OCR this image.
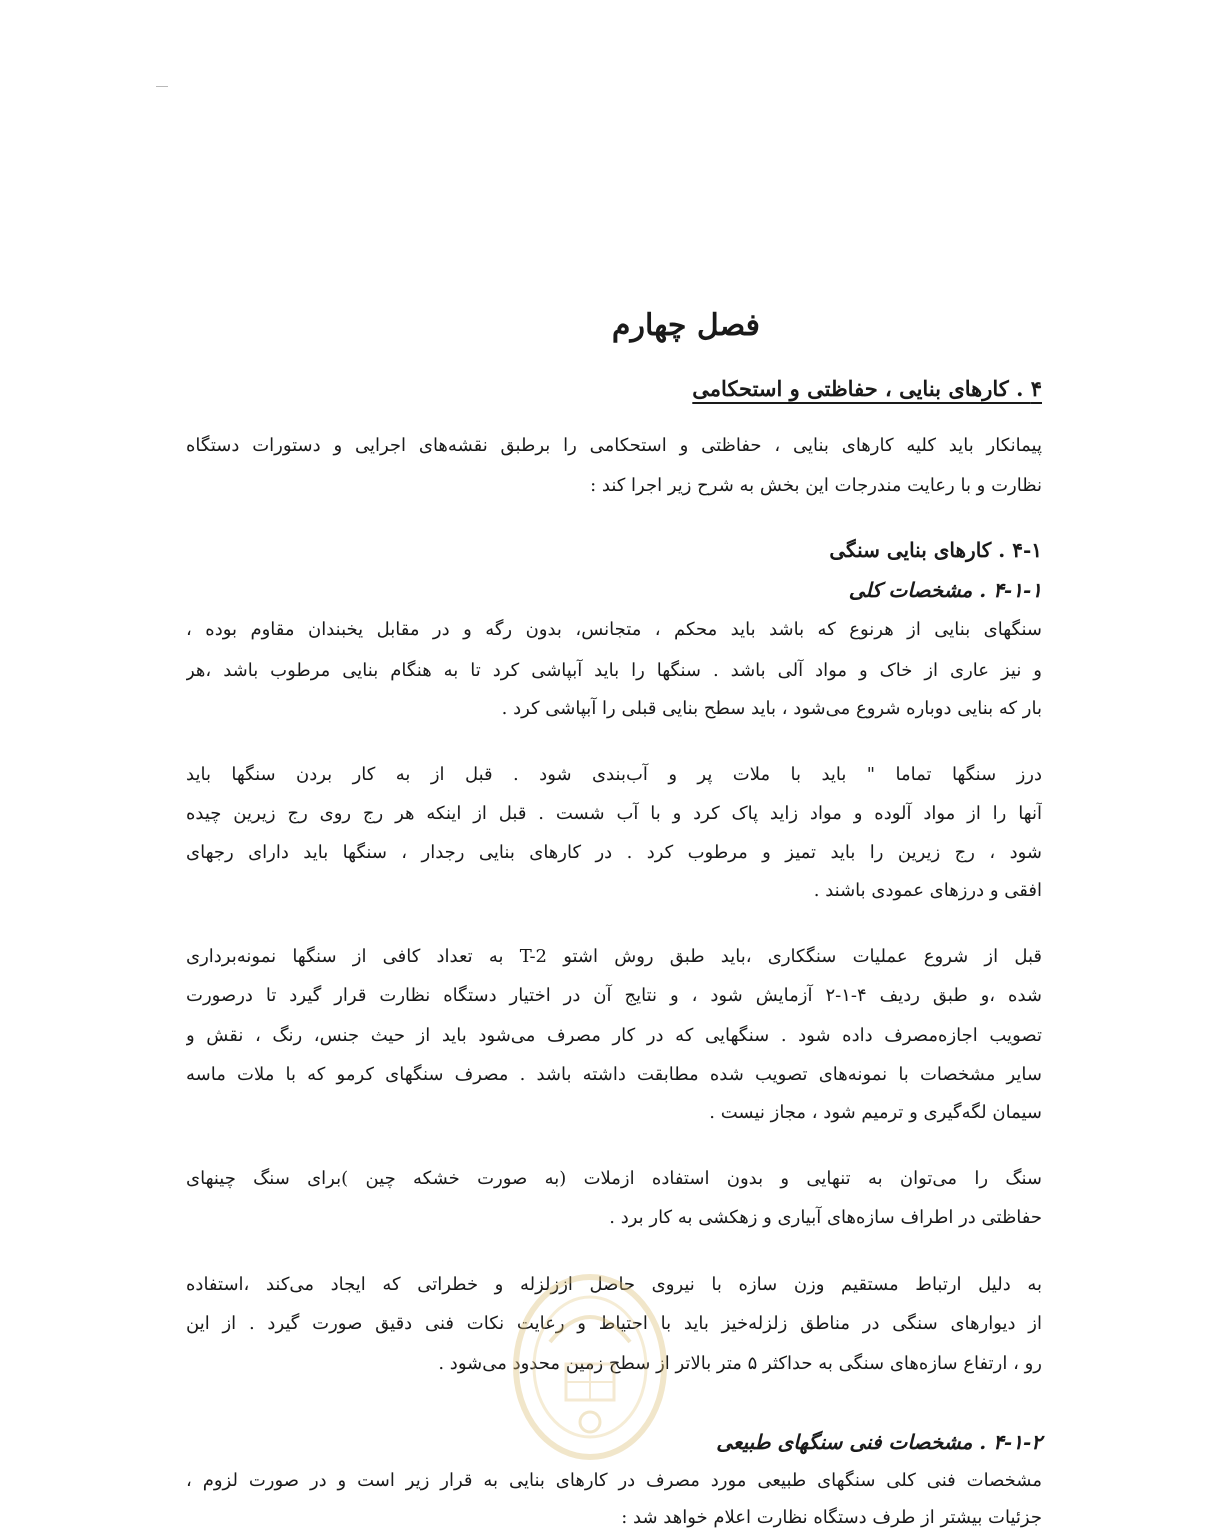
فصل چهارم
۴ . کارهای بنایی ، حفاظتی و استحکامی
پیمانکار باید کلیه کارهای بنایی ، حفاظتی و استحکامی را برطبق نقشه‌های اجرایی و دستورات دستگاه
نظارت و با رعایت مندرجات این بخش به شرح زیر اجرا کند :
۴-۱ . کارهای بنایی سنگی
۴-۱-۱ . مشخصات کلی
سنگهای بنایی از هرنوع که باشد باید محکم ، متجانس، بدون رگه و در مقابل یخبندان مقاوم بوده ،
و نیز عاری از خاک و مواد آلی باشد . سنگها را باید آبپاشی کرد تا به هنگام بنایی مرطوب باشد ،هر
بار که بنایی دوباره شروع می‌شود ، باید سطح بنایی قبلی را آبپاشی کرد .
درز سنگها تماما " باید با ملات پر و آب‌بندی شود . قبل از به کار بردن سنگها باید
آنها را از مواد آلوده و مواد زاید پاک کرد و با آب شست . قبل از اینکه هر رج روی رج زیرین چیده
شود ، رج زیرین را باید تمیز و مرطوب کرد . در کارهای بنایی رجدار ، سنگها باید دارای رجهای
افقی و درزهای عمودی باشند .
قبل از شروع عملیات سنگکاری ،باید طبق روش اشتو T-2 به تعداد کافی از سنگها نمونه‌برداری
شده ،و طبق ردیف ۴-۱-۲ آزمایش شود ، و نتایج آن در اختیار دستگاه نظارت قرار گیرد تا درصورت
تصویب اجازه‌مصرف داده شود . سنگهایی که در کار مصرف می‌شود باید از حیث جنس، رنگ ، نقش و
سایر مشخصات با نمونه‌های تصویب شده مطابقت داشته باشد . مصرف سنگهای کرمو که با ملات ماسه
سیمان لگه‌گیری و ترمیم شود ، مجاز نیست .
سنگ را می‌توان به تنهایی و بدون استفاده ازملات (به صورت خشکه چین )برای سنگ چینهای
حفاظتی در اطراف سازه‌های آبیاری و زهکشی به کار برد .
به دلیل ارتباط مستقیم وزن سازه با نیروی حاصل اززلزله و خطراتی که ایجاد می‌کند ،استفاده
از دیوارهای سنگی در مناطق زلزله‌خیز باید با احتیاط و رعایت نکات فنی دقیق صورت گیرد . از این
رو ، ارتفاع سازه‌های سنگی به حداکثر ۵ متر بالاتر از سطح زمین محدود می‌شود .
۴-۱-۲ . مشخصات فنی سنگهای طبیعی
مشخصات فنی کلی سنگهای طبیعی مورد مصرف در کارهای بنایی به قرار زیر است و در صورت لزوم ،
جزئیات بیشتر از طرف دستگاه نظارت اعلام خواهد شد :
